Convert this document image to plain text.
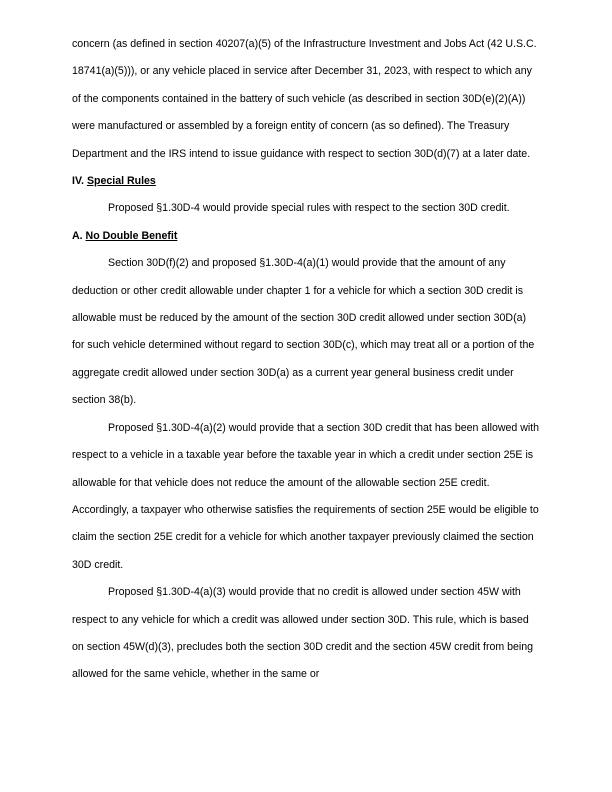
concern (as defined in section 40207(a)(5) of the Infrastructure Investment and Jobs Act (42 U.S.C. 18741(a)(5))), or any vehicle placed in service after December 31, 2023, with respect to which any of the components contained in the battery of such vehicle (as described in section 30D(e)(2)(A)) were manufactured or assembled by a foreign entity of concern (as so defined). The Treasury Department and the IRS intend to issue guidance with respect to section 30D(d)(7) at a later date.

IV. Special Rules

Proposed §1.30D-4 would provide special rules with respect to the section 30D credit.

A. No Double Benefit

Section 30D(f)(2) and proposed §1.30D-4(a)(1) would provide that the amount of any deduction or other credit allowable under chapter 1 for a vehicle for which a section 30D credit is allowable must be reduced by the amount of the section 30D credit allowed under section 30D(a) for such vehicle determined without regard to section 30D(c), which may treat all or a portion of the aggregate credit allowed under section 30D(a) as a current year general business credit under section 38(b).

Proposed §1.30D-4(a)(2) would provide that a section 30D credit that has been allowed with respect to a vehicle in a taxable year before the taxable year in which a credit under section 25E is allowable for that vehicle does not reduce the amount of the allowable section 25E credit. Accordingly, a taxpayer who otherwise satisfies the requirements of section 25E would be eligible to claim the section 25E credit for a vehicle for which another taxpayer previously claimed the section 30D credit.

Proposed §1.30D-4(a)(3) would provide that no credit is allowed under section 45W with respect to any vehicle for which a credit was allowed under section 30D. This rule, which is based on section 45W(d)(3), precludes both the section 30D credit and the section 45W credit from being allowed for the same vehicle, whether in the same or
